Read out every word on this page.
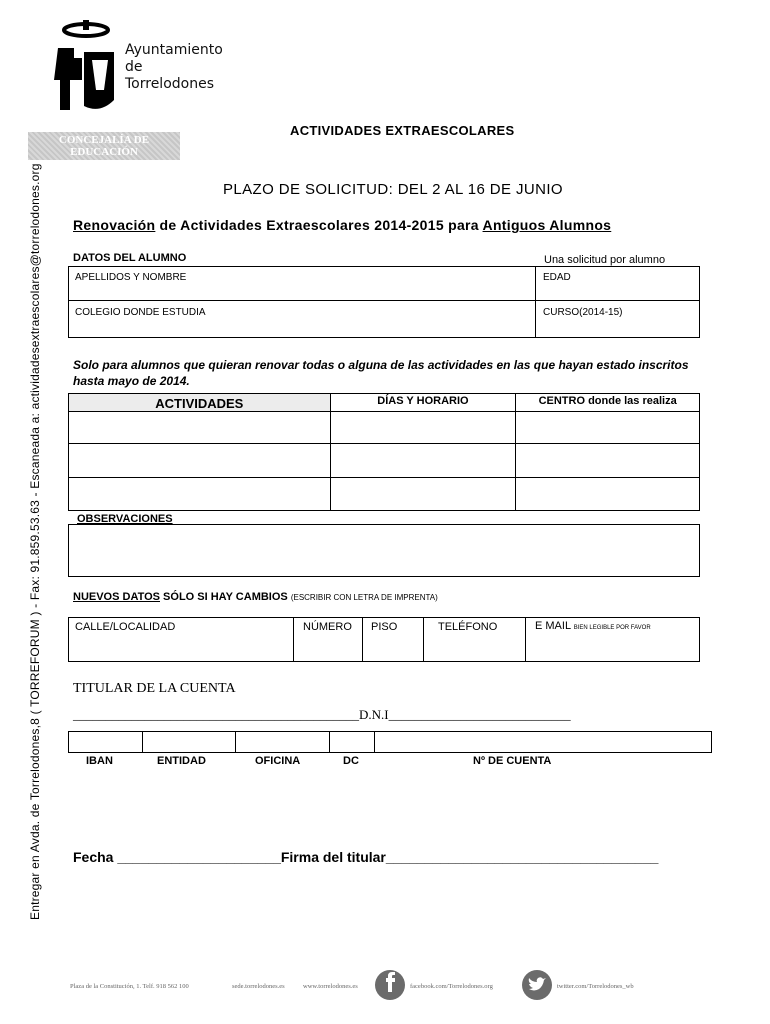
Ayuntamiento
de
Torrelodones
CONCEJALÍA DE
EDUCACIÓN
ACTIVIDADES EXTRAESCOLARES
PLAZO DE SOLICITUD: DEL 2 AL 16 DE JUNIO
Renovación de Actividades Extraescolares 2014-2015 para Antiguos Alumnos
Entregar en Avda. de Torrelodones,8 ( TORREFORUM ) - Fax: 91.859.53.63 - Escaneada a: actividadesextraescolares@torrelodones.org	DATOS DEL ALUMNO	Una solicitud por alumno
APELLIDOS Y NOMBRE	EDAD
COLEGIO DONDE ESTUDIA	CURSO(2014-15)
Solo para alumnos que quieran renovar todas o alguna de las actividades en las que hayan estado inscritos hasta mayo de 2014.
ACTIVIDADES	DÍAS Y HORARIO	CENTRO donde las realiza

OBSERVACIONES
NUEVOS DATOS SÓLO SI HAY CAMBIOS (ESCRIBIR CON LETRA DE IMPRENTA)
CALLE/LOCALIDAD	NÚMERO	PISO	TELÉFONO	E MAIL BIEN LEGIBLE POR FAVOR
TITULAR DE LA CUENTA
____________________________________________D.N.I____________________________
IBAN	ENTIDAD	OFICINA	DC	Nº DE CUENTA
Fecha _____________________Firma del titular___________________________________
Plaza de la Constitución, 1. Telf. 918 562 100	sede.torrelodones.es	www.torrelodones.es	facebook.com/Torrelodones.org	twitter.com/Torrelodones_wb
